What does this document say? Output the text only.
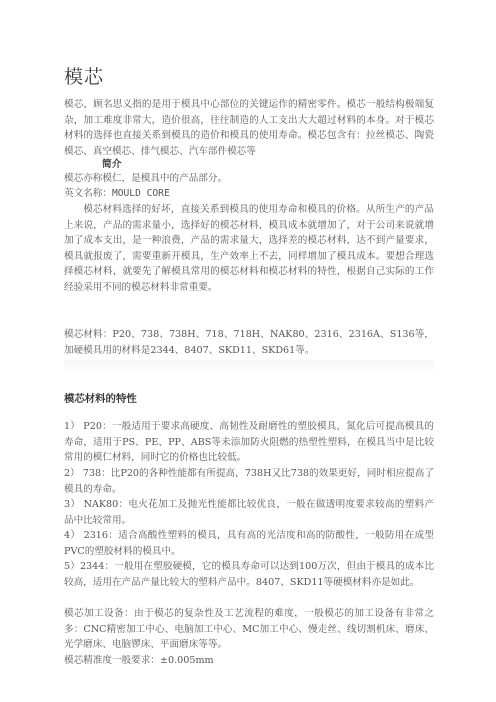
模芯

模芯，顾名思义指的是用于模具中心部位的关键运作的精密零件。模芯一般结构极端复杂，加工难度非常大，造价很高，往往制造的人工支出大大超过材料的本身。对于模芯材料的选择也直接关系到模具的造价和模具的使用寿命。模芯包含有：拉丝模芯、陶瓷模芯、真空模芯、排气模芯、汽车部件模芯等

简介

模芯亦称模仁，是模具中的产品部分。

英文名称：MOULD CORE

模芯材料选择的好坏，直接关系到模具的使用寿命和模具的价格。从所生产的产品上来说，产品的需求量小，选择好的模芯材料，模具成本就增加了，对于公司来说就增加了成本支出，是一种浪费，产品的需求量大，选择差的模芯材料，达不到产量要求，模具就报废了，需要重新开模具，生产效率上不去，同样增加了模具成本。要想合理选择模芯材料，就要先了解模具常用的模芯材料和模芯材料的特性，根据自己实际的工作经验采用不同的模芯材料非常重要。

模芯材料：P20、738、738H、718、718H、NAK80、2316、2316A、S136等，加硬模具用的材料是2344、8407、SKD11、SKD61等。

模芯材料的特性

1） P20：一般适用于要求高硬度、高韧性及耐磨性的塑胶模具，氮化后可提高模具的寿命，适用于PS、PE、PP、ABS等未添加防火阻燃的热塑性塑料，在模具当中是比较常用的模仁材料，同时它的价格也比较低。

2） 738：比P20的各种性能都有所提高，738H又比738的效果更好，同时相应提高了模具的寿命。

3） NAK80：电火花加工及抛光性能都比较优良，一般在做透明度要求较高的塑料产品中比较常用。

4） 2316：适合高酸性塑料的模具，具有高的光洁度和高的防酸性，一般防用在成型PVC的塑胶材料的模具中。

5）2344：一般用在塑胶硬模，它的模具寿命可以达到100万次，但由于模具的成本比较高，适用在产品产量比较大的塑料产品中。8407、SKD11等硬模材料亦是如此。

模芯加工设备：由于模芯的复杂性及工艺流程的难度，一般模芯的加工设备有非常之多：CNC精密加工中心、电脑加工中心、MC加工中心、慢走丝、线切割机床、磨床、光学磨床、电脑锣床、平面磨床等等。

模芯精准度一般要求：±0.005mm
